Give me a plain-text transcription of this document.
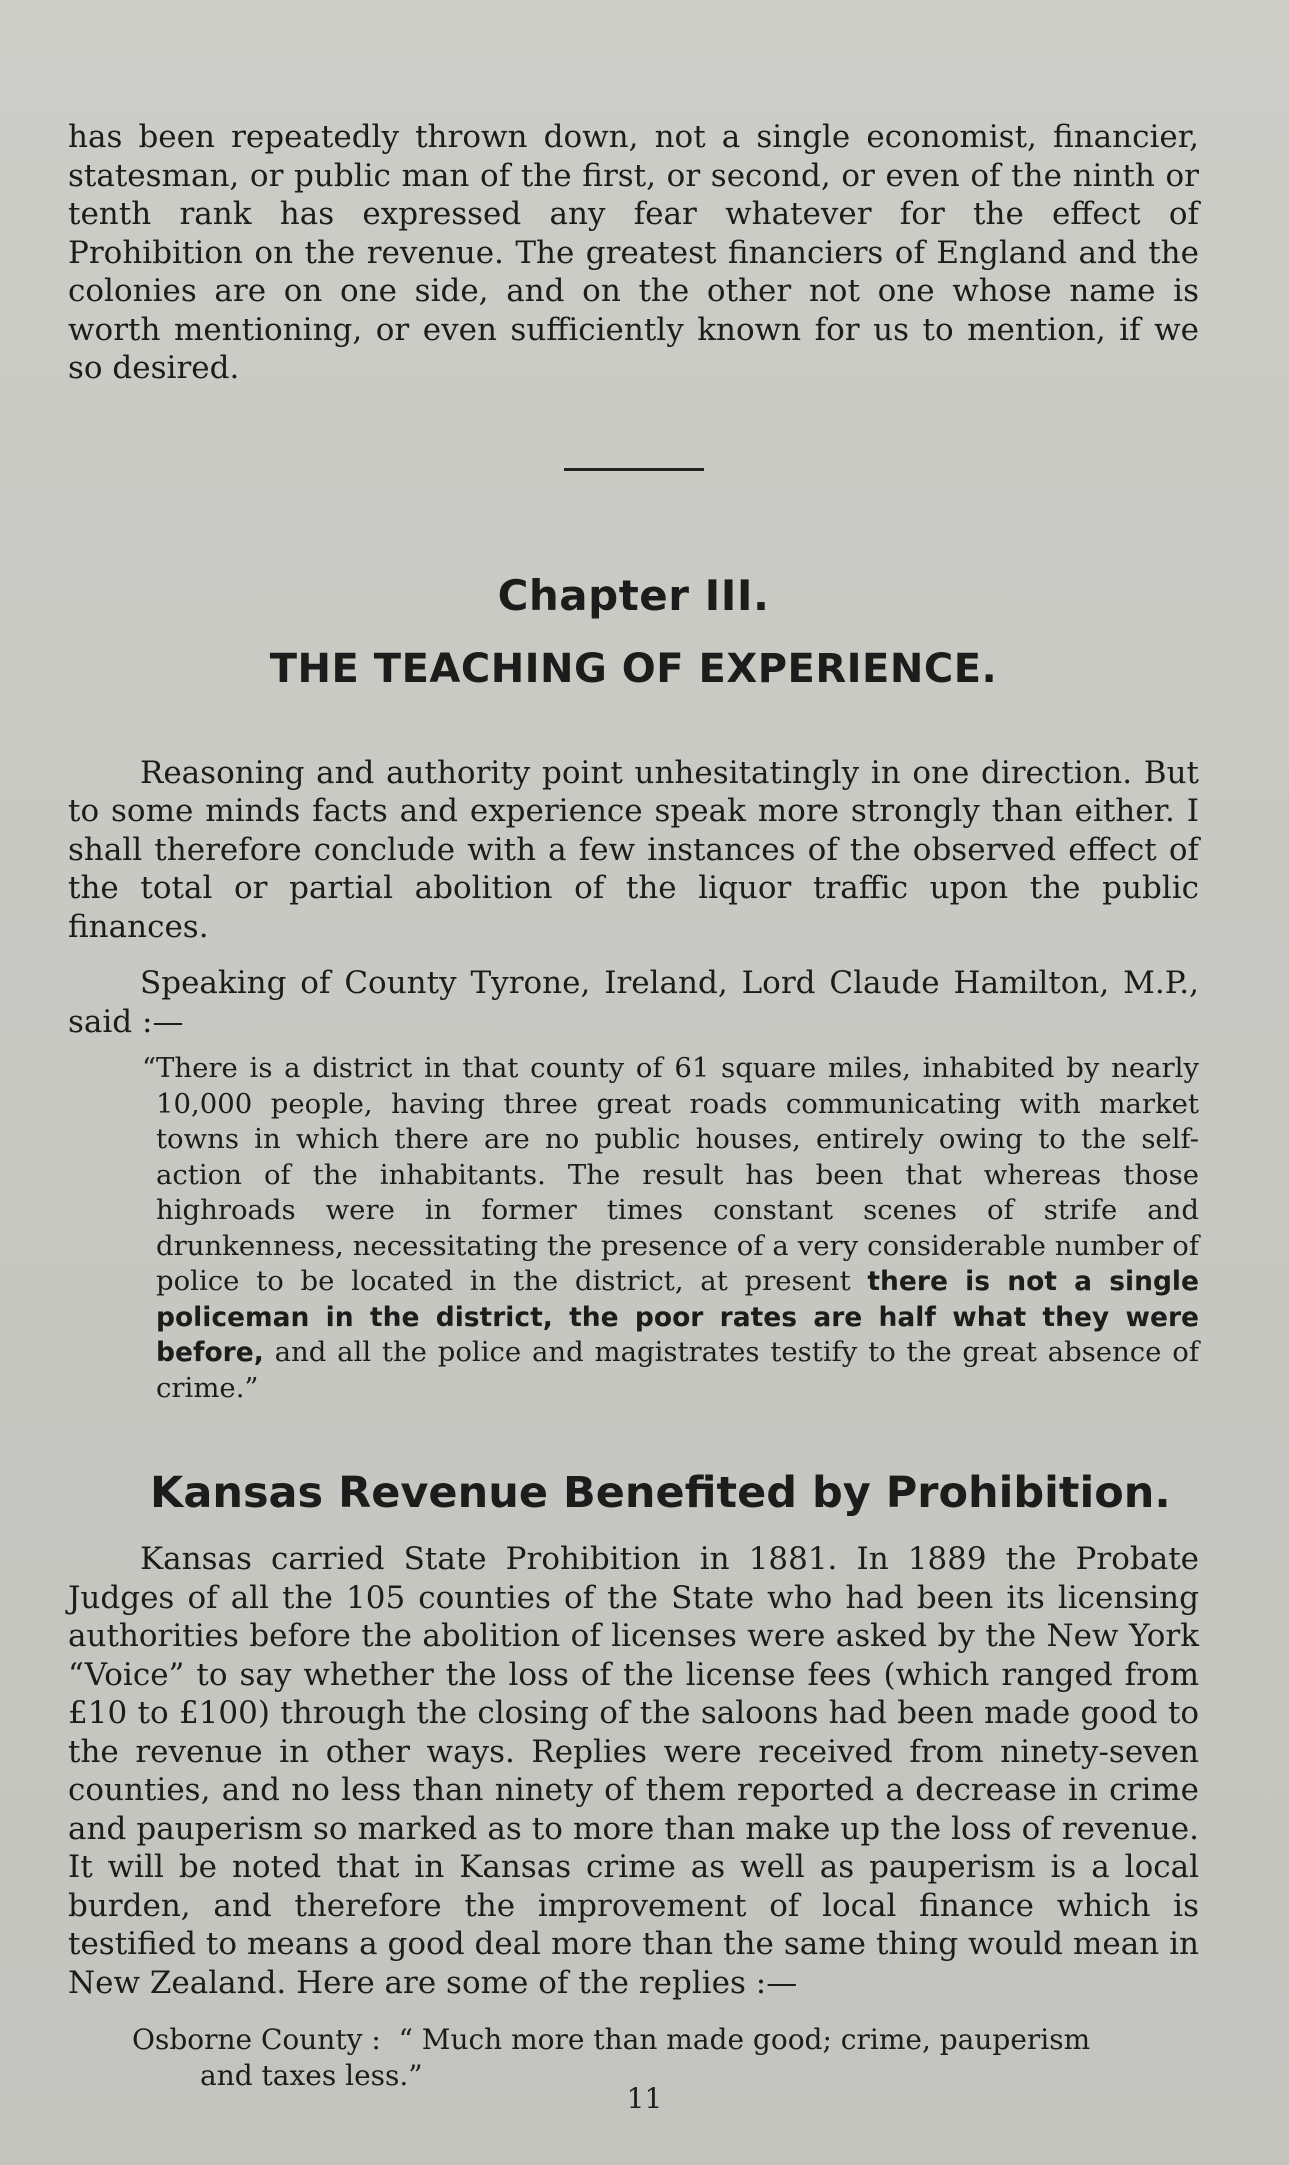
has been repeatedly thrown down, not a single economist, financier, statesman, or public man of the first, or second, or even of the ninth or tenth rank has expressed any fear whatever for the effect of Prohibition on the revenue. The greatest financiers of England and the colonies are on one side, and on the other not one whose name is worth mentioning, or even sufficiently known for us to mention, if we so desired.

Chapter III.
THE TEACHING OF EXPERIENCE.

Reasoning and authority point unhesitatingly in one direction. But to some minds facts and experience speak more strongly than either. I shall therefore conclude with a few instances of the observed effect of the total or partial abolition of the liquor traffic upon the public finances.

Speaking of County Tyrone, Ireland, Lord Claude Hamilton, M.P., said :—

“There is a district in that county of 61 square miles, inhabited by nearly 10,000 people, having three great roads communicating with market towns in which there are no public houses, entirely owing to the self-action of the inhabitants. The result has been that whereas those highroads were in former times constant scenes of strife and drunkenness, necessitating the presence of a very considerable number of police to be located in the district, at present there is not a single policeman in the district, the poor rates are half what they were before, and all the police and magistrates testify to the great absence of crime.”

Kansas Revenue Benefited by Prohibition.

Kansas carried State Prohibition in 1881. In 1889 the Probate Judges of all the 105 counties of the State who had been its licensing authorities before the abolition of licenses were asked by the New York “Voice” to say whether the loss of the license fees (which ranged from £10 to £100) through the closing of the saloons had been made good to the revenue in other ways. Replies were received from ninety-seven counties, and no less than ninety of them reported a decrease in crime and pauperism so marked as to more than make up the loss of revenue. It will be noted that in Kansas crime as well as pauperism is a local burden, and therefore the improvement of local finance which is testified to means a good deal more than the same thing would mean in New Zealand. Here are some of the replies :—

Osborne County : “ Much more than made good; crime, pauperism
and taxes less.”
11
